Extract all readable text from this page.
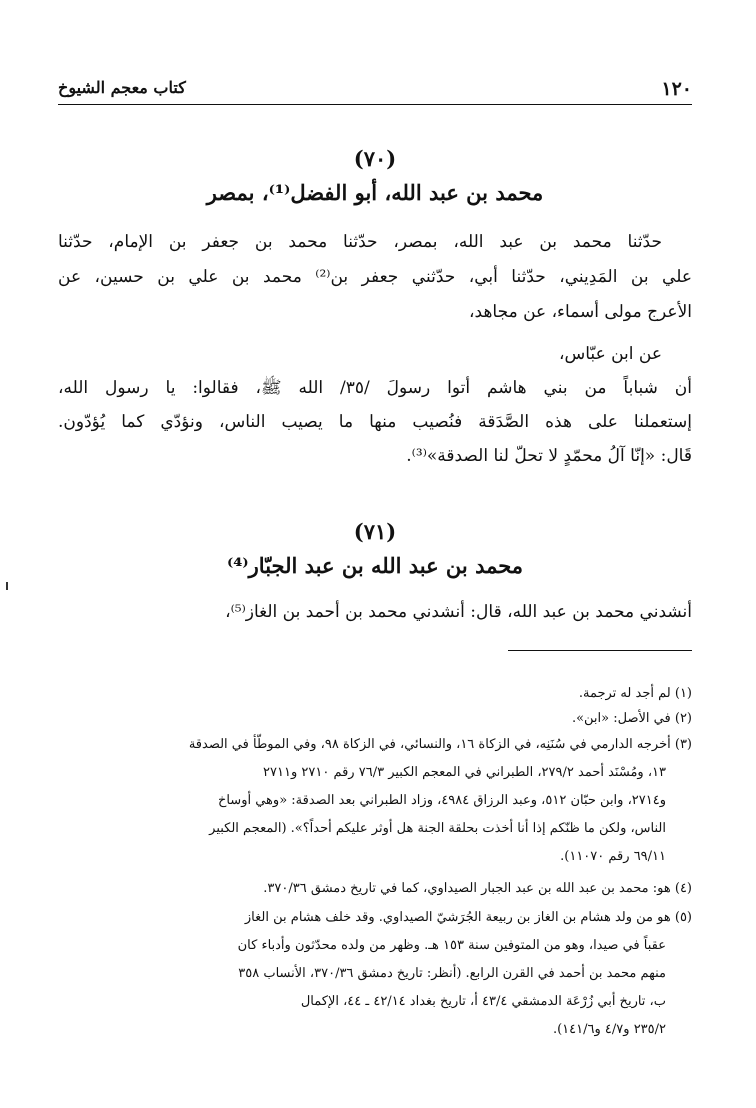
١٢٠
كتاب معجم الشيوخ
(٧٠)
محمد بن عبد الله، أبو الفضل⁽¹⁾، بمصر
حدّثنا محمد بن عبد الله، بمصر، حدّثنا محمد بن جعفر بن الإمام، حدّثنا
علي بن المَدِيني، حدّثنا أبي، حدّثني جعفر بن⁽²⁾ محمد بن علي بن حسين، عن
الأعرج مولى أسماء، عن مجاهد،
عن ابن عبّاس،
أن شباباً من بني هاشم أتوا رسولَ /٣٥/ الله ﷺ، فقالوا: يا رسول الله،
إستعملنا على هذه الصَّدَقة فنُصيب منها ما يصيب الناس، ونؤدّي كما يُؤدّون.
قَال: «إنّا آلُ محمّدٍ لا تحلّ لنا الصدقة»⁽³⁾.
(٧١)
محمد بن عبد الله بن عبد الجبّار⁽⁴⁾
أنشدني محمد بن عبد الله، قال: أنشدني محمد بن أحمد بن الغاز⁽⁵⁾،
(١) لم أجد له ترجمة.
(٢) في الأصل: «ابن».
(٣) أخرجه الدارمي في سُنَنِه، في الزكاة ١٦، والنسائي، في الزكاة ٩٨، وفي الموطّأ في الصدقة
١٣، ومُسْنَد أحمد ٢٧٩/٢، الطبراني في المعجم الكبير ٧٦/٣ رقم ٢٧١٠ و٢٧١١
و٢٧١٤، وابن حبّان ٥١٢، وعبد الرزاق ٤٩٨٤، وزاد الطبراني بعد الصدقة: «وهي أوساخ
الناس، ولكن ما ظنّكم إذا أنا أخذت بحلقة الجنة هل أوثر عليكم أحداً؟». (المعجم الكبير
٦٩/١١ رقم ١١٠٧٠).
(٤) هو: محمد بن عبد الله بن عبد الجبار الصيداوي، كما في تاريخ دمشق ٣٧٠/٣٦.
(٥) هو من ولد هشام بن الغاز بن ربيعة الجُرَشيّ الصيداوي. وقد خلف هشام بن الغاز
عقباً في صيدا، وهو من المتوفين سنة ١٥٣ هـ. وظهر من ولده محدّثون وأدباء كان
منهم محمد بن أحمد في القرن الرابع. (أنظر: تاريخ دمشق ٣٧٠/٣٦، الأنساب ٣٥٨
ب، تاريخ أبي زُرْعَة الدمشقي ٤٣/٤ أ، تاريخ بغداد ٤٢/١٤ ـ ٤٤، الإكمال
٢٣٥/٢ و٤/٧ و١٤١/٦).
